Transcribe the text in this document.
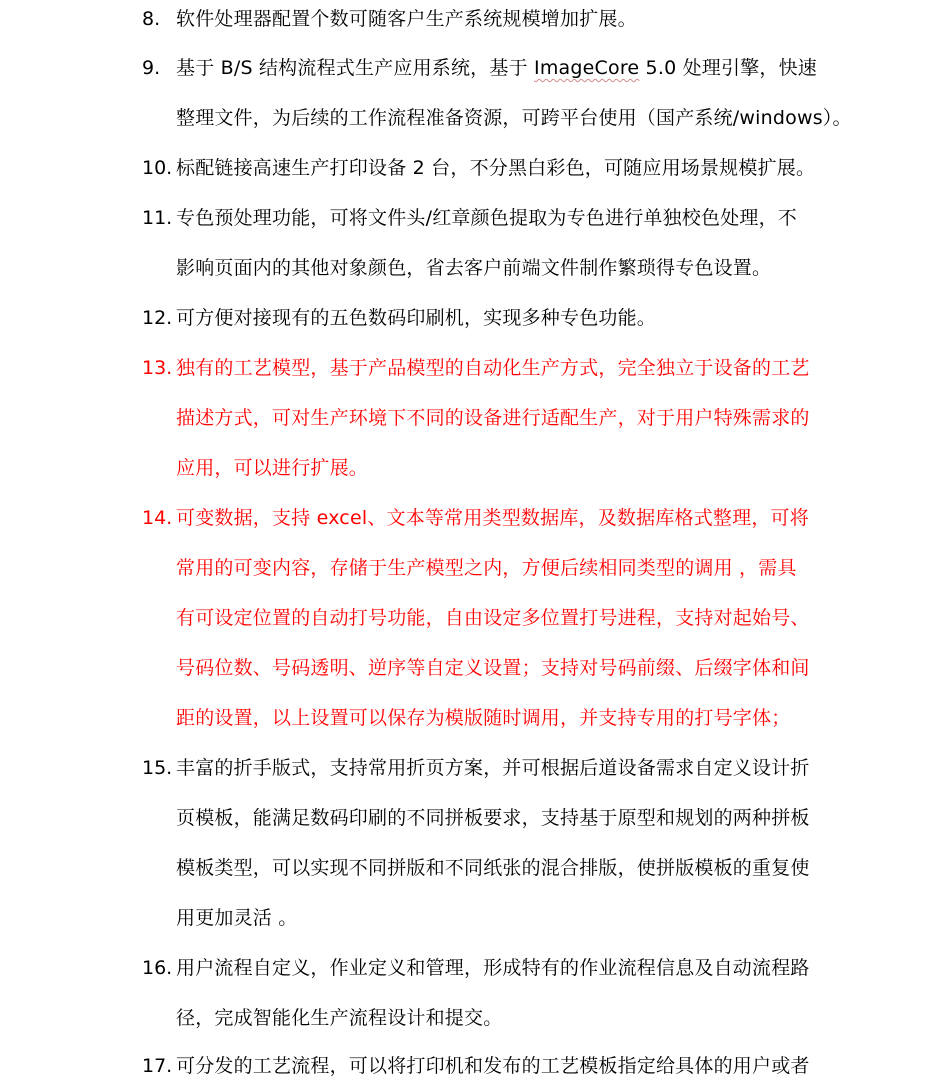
8. 软件处理器配置个数可随客户生产系统规模增加扩展。
9. 基于 B/S 结构流程式生产应用系统，基于 ImageCore 5.0 处理引擎，快速
整理文件，为后续的工作流程准备资源，可跨平台使用（国产系统/windows）。
10. 标配链接高速生产打印设备 2 台，不分黑白彩色，可随应用场景规模扩展。
11. 专色预处理功能，可将文件头/红章颜色提取为专色进行单独校色处理，不
影响页面内的其他对象颜色，省去客户前端文件制作繁琐得专色设置。
12. 可方便对接现有的五色数码印刷机，实现多种专色功能。
13. 独有的工艺模型，基于产品模型的自动化生产方式，完全独立于设备的工艺
描述方式，可对生产环境下不同的设备进行适配生产，对于用户特殊需求的
应用，可以进行扩展。
14. 可变数据，支持 excel、文本等常用类型数据库，及数据库格式整理，可将
常用的可变内容，存储于生产模型之内，方便后续相同类型的调用 ，需具
有可设定位置的自动打号功能，自由设定多位置打号进程，支持对起始号、
号码位数、号码透明、逆序等自定义设置；支持对号码前缀、后缀字体和间
距的设置，以上设置可以保存为模版随时调用，并支持专用的打号字体；
15. 丰富的折手版式，支持常用折页方案，并可根据后道设备需求自定义设计折
页模板，能满足数码印刷的不同拼板要求，支持基于原型和规划的两种拼板
模板类型，可以实现不同拼版和不同纸张的混合排版，使拼版模板的重复使
用更加灵活 。
16. 用户流程自定义，作业定义和管理，形成特有的作业流程信息及自动流程路
径，完成智能化生产流程设计和提交。
17. 可分发的工艺流程，可以将打印机和发布的工艺模板指定给具体的用户或者
